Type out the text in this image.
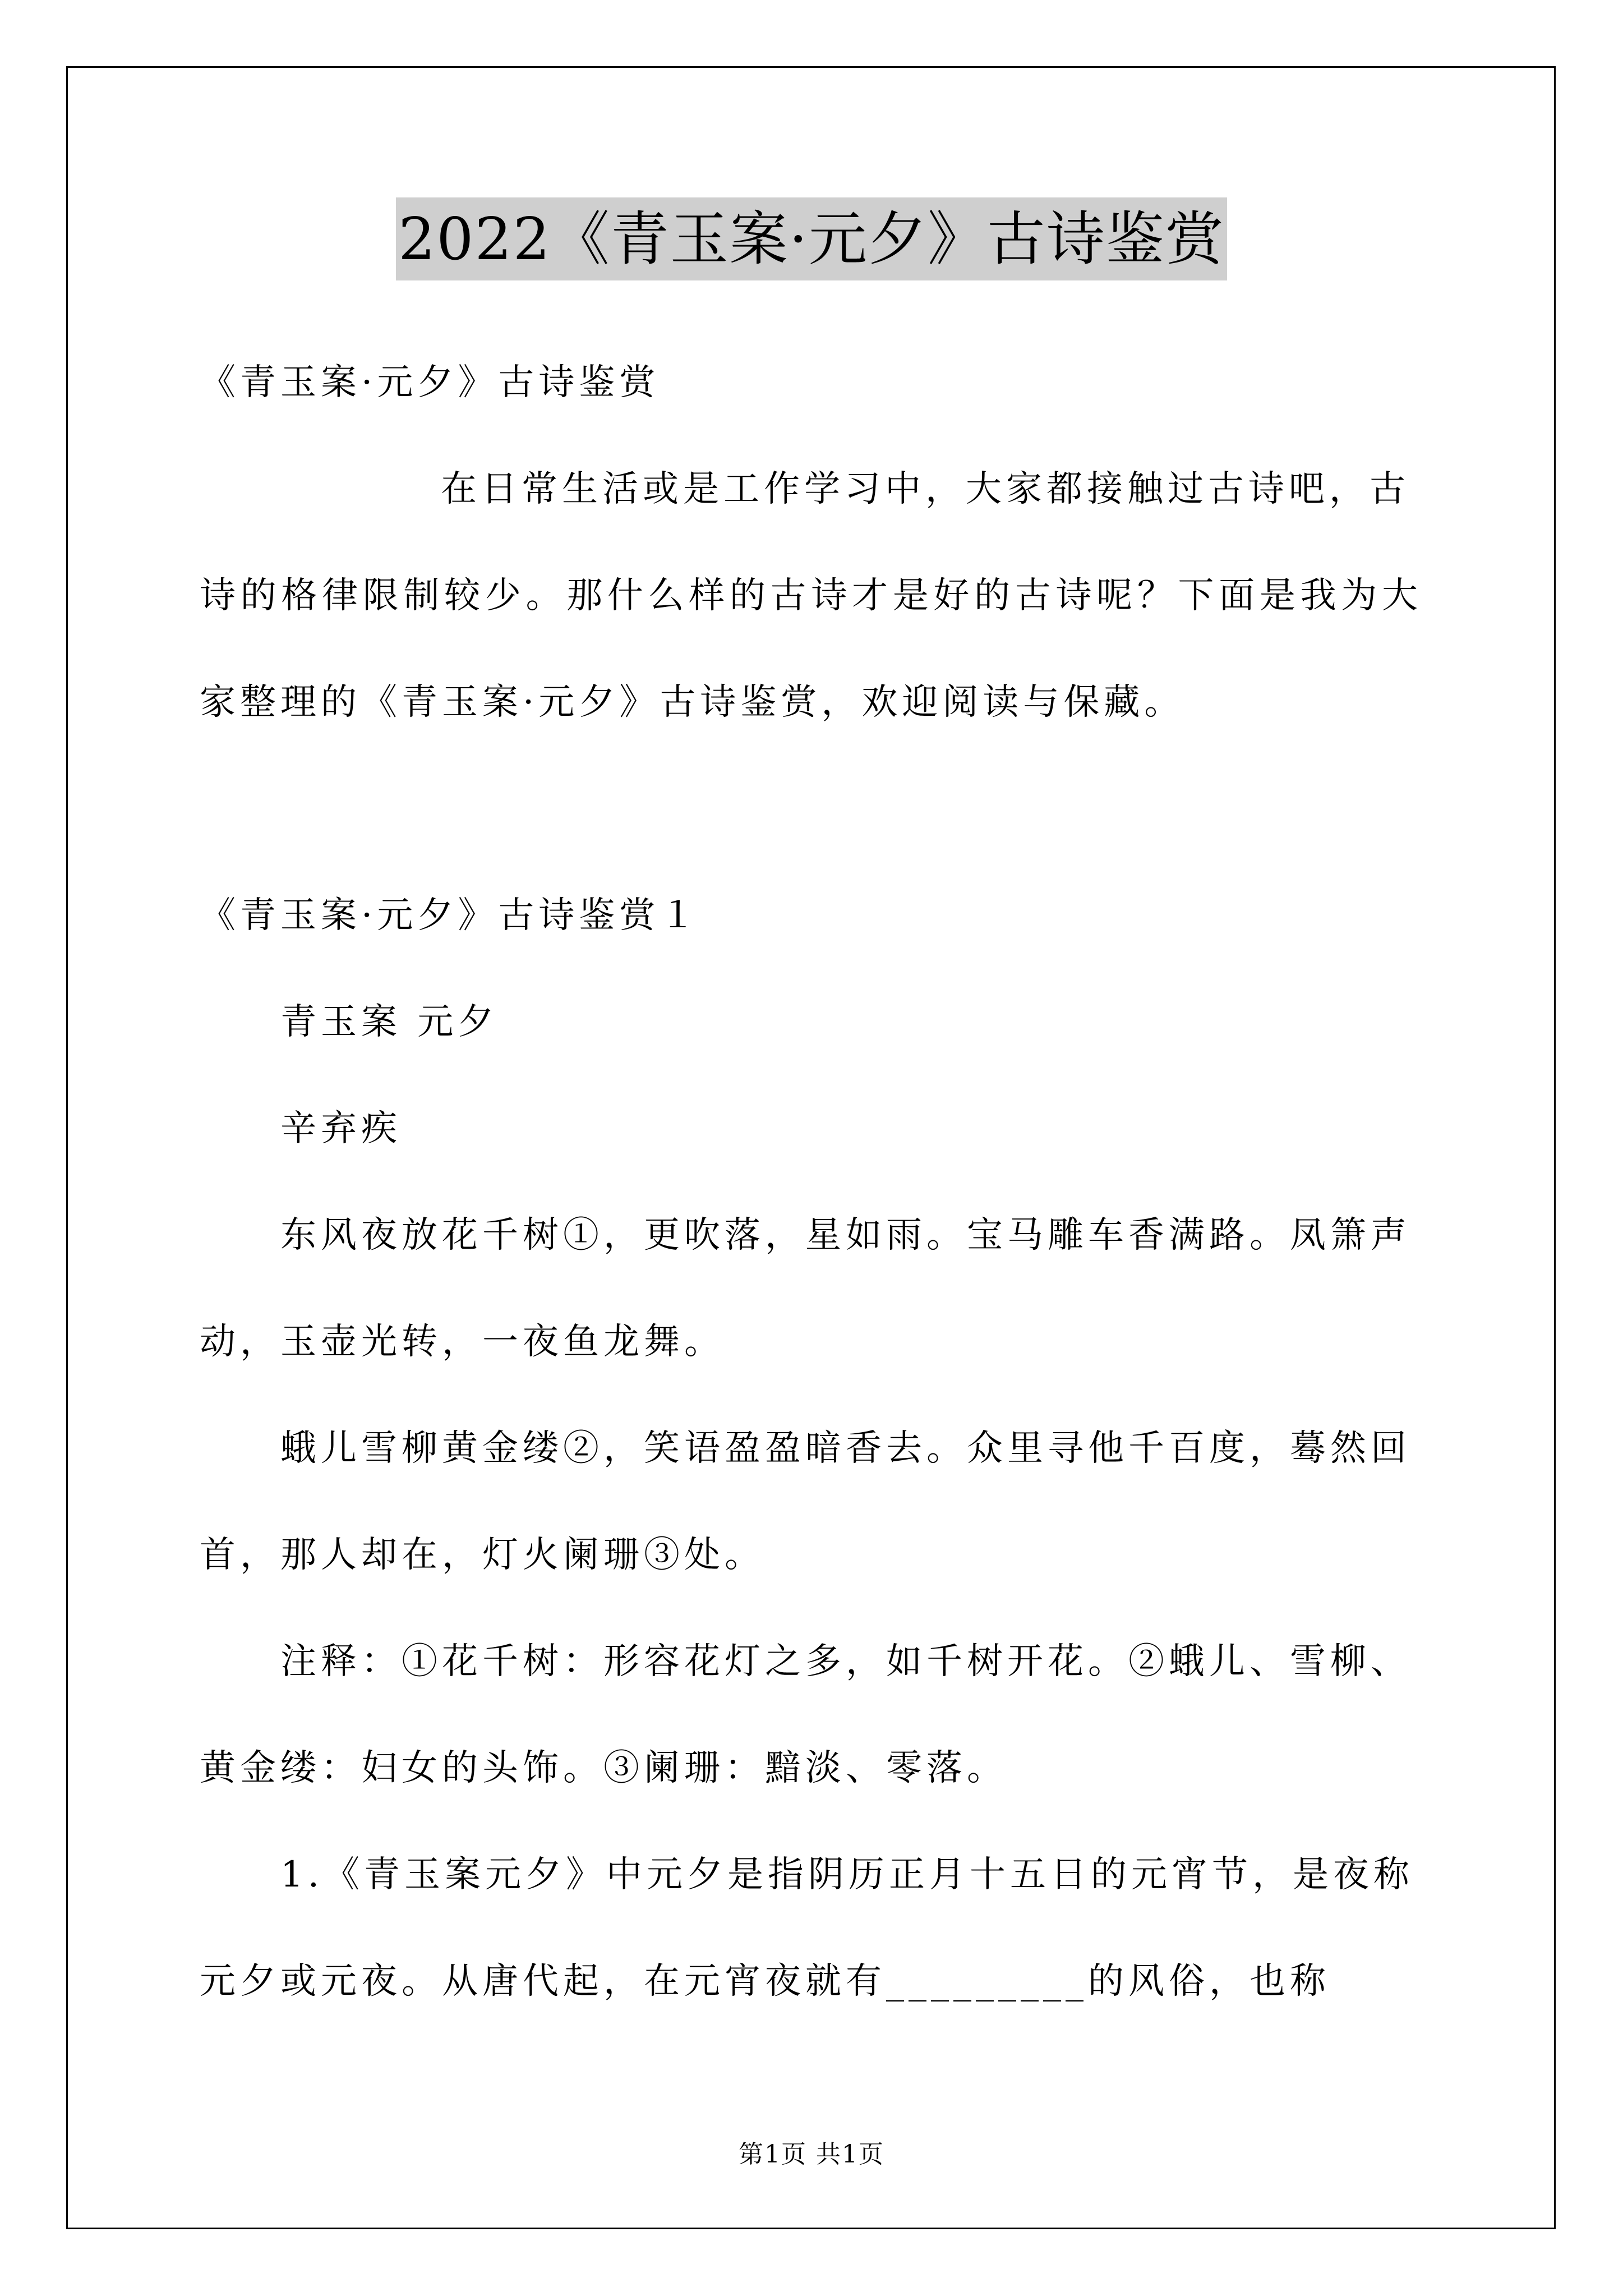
2022《青玉案·元夕》古诗鉴赏
《青玉案·元夕》古诗鉴赏
在日常生活或是工作学习中，大家都接触过古诗吧，古
诗的格律限制较少。那什么样的古诗才是好的古诗呢？下面是我为大
家整理的《青玉案·元夕》古诗鉴赏，欢迎阅读与保藏。
《青玉案·元夕》古诗鉴赏１
青玉案 元夕
辛弃疾
东风夜放花千树①，更吹落，星如雨。宝马雕车香满路。凤箫声
动，玉壶光转，一夜鱼龙舞。
蛾儿雪柳黄金缕②，笑语盈盈暗香去。众里寻他千百度，蓦然回
首，那人却在，灯火阑珊③处。
注释：①花千树：形容花灯之多，如千树开花。②蛾儿、雪柳、
黄金缕：妇女的头饰。③阑珊：黯淡、零落。
1.《青玉案元夕》中元夕是指阴历正月十五日的元宵节，是夜称
元夕或元夜。从唐代起，在元宵夜就有_________的风俗，也称
第1页 共1页
